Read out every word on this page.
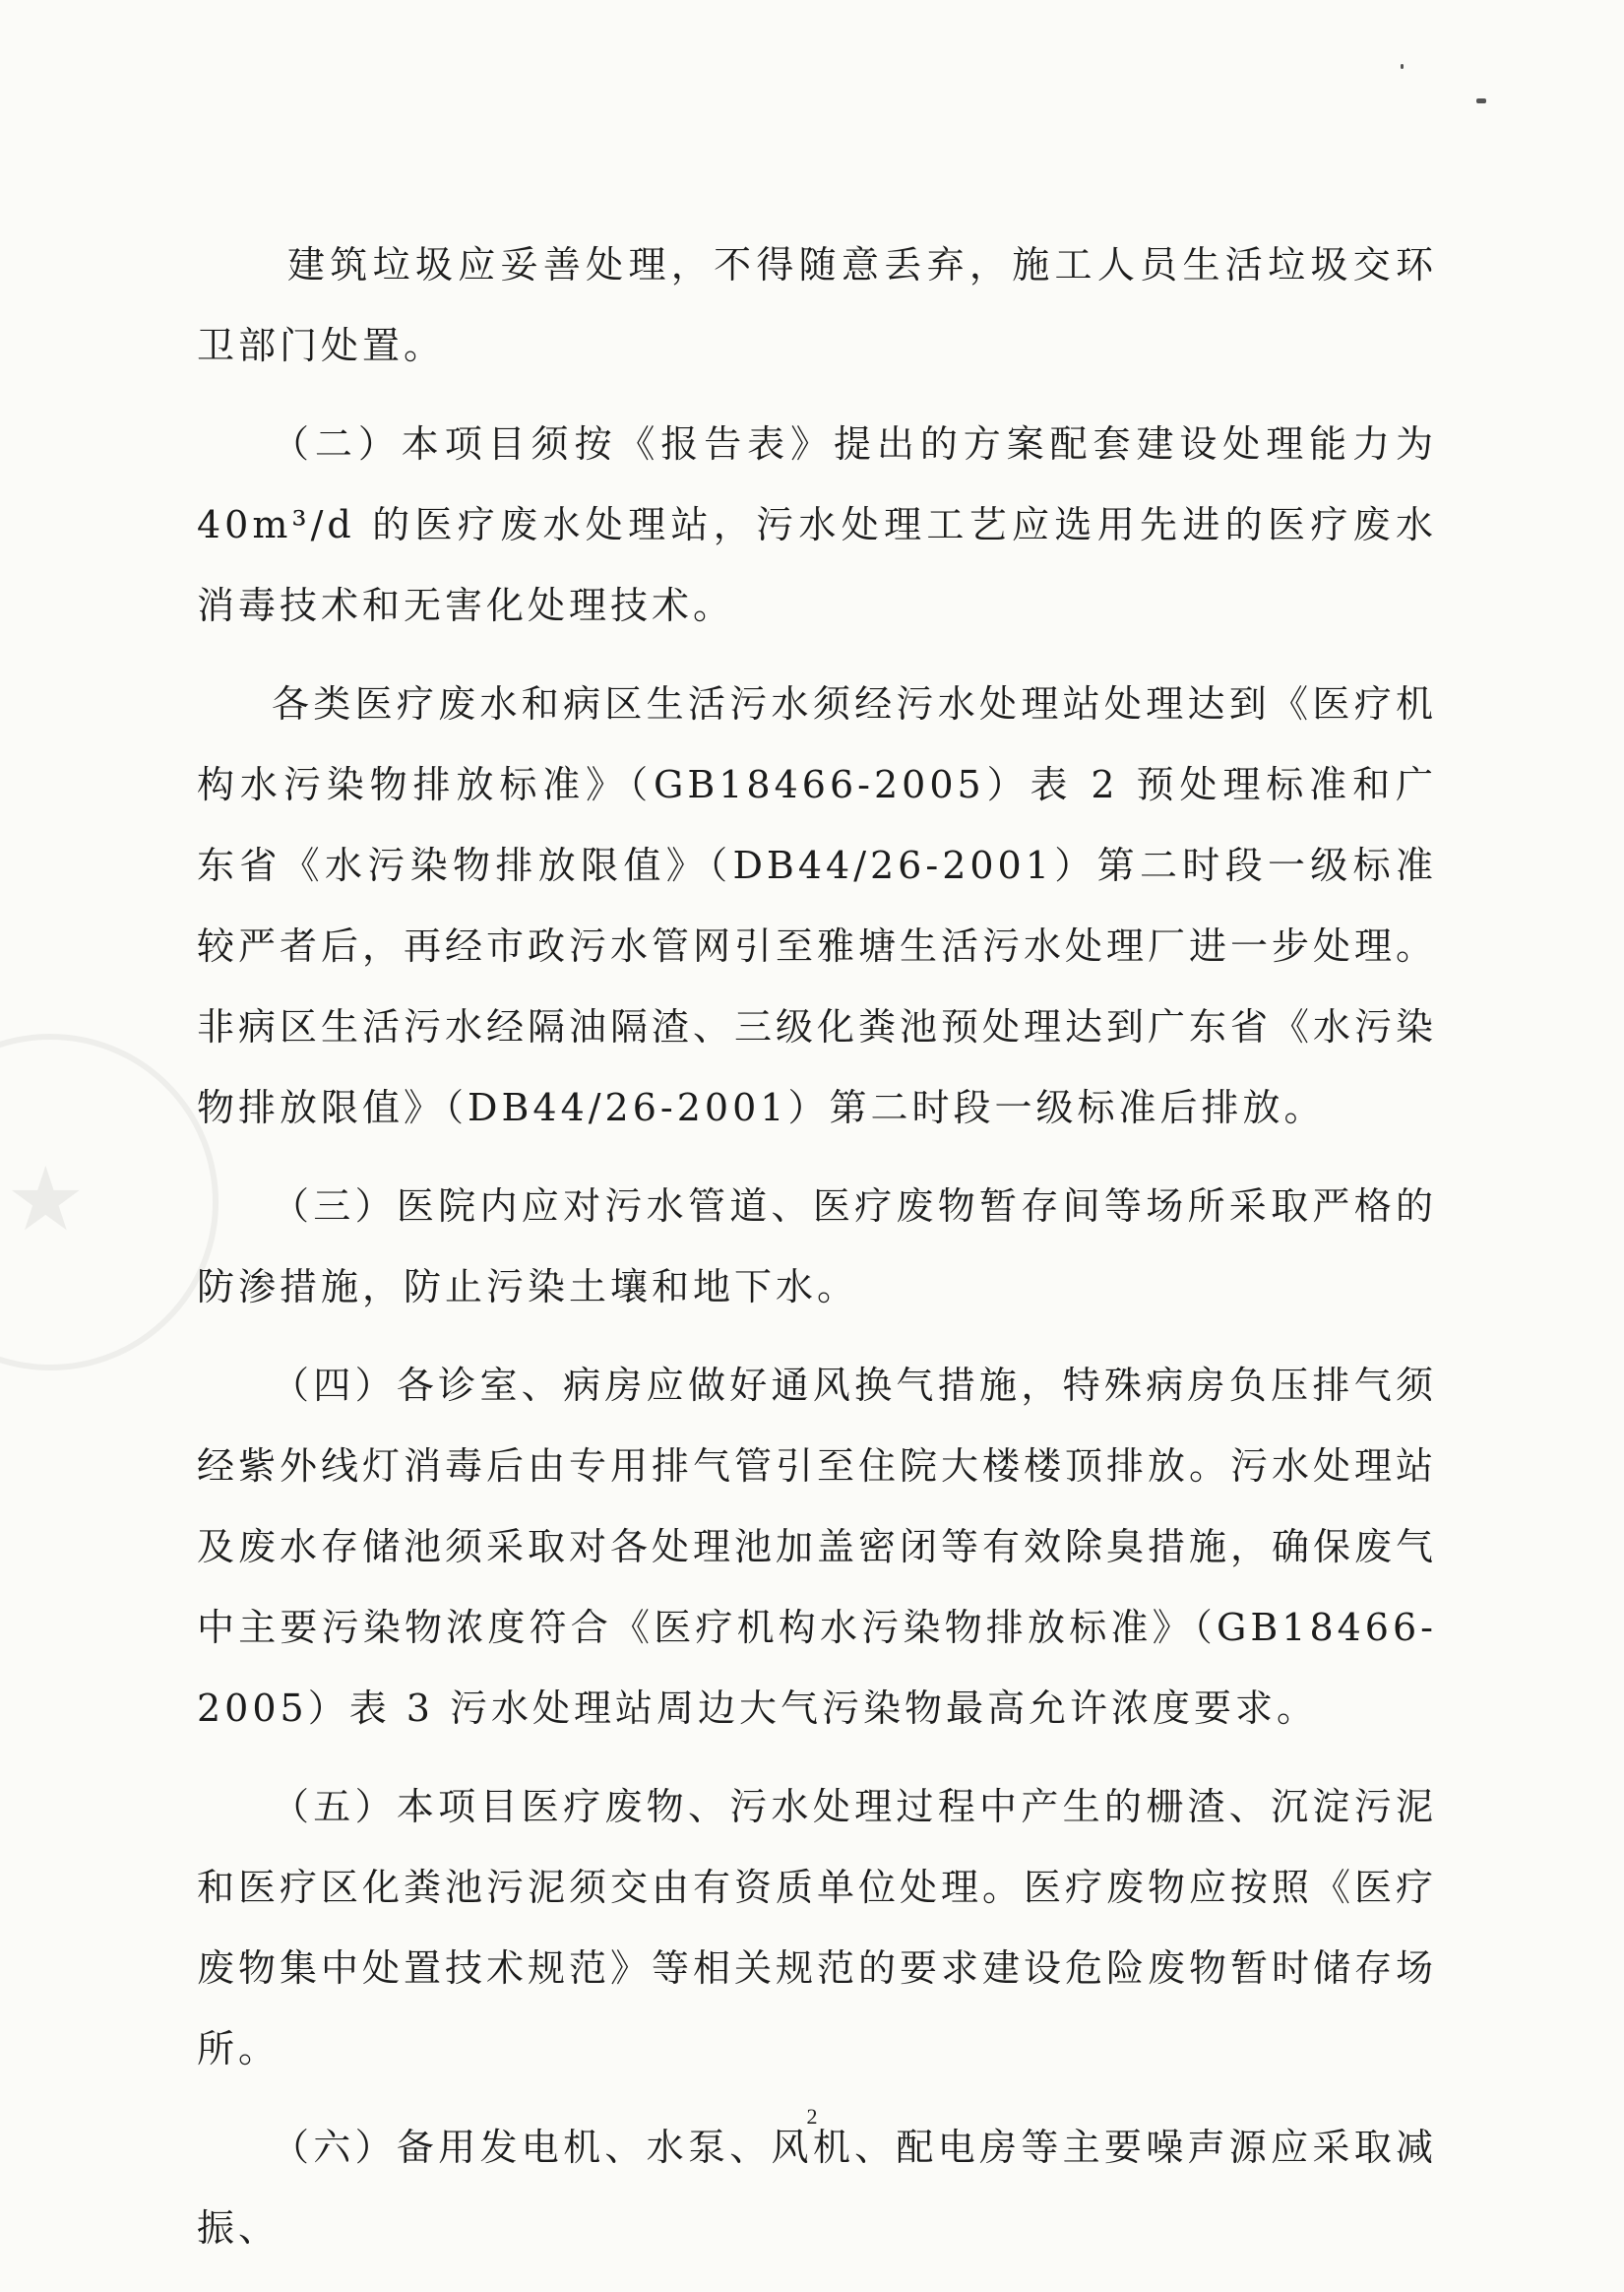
★

建筑垃圾应妥善处理，不得随意丢弃，施工人员生活垃圾交环卫部门处置。

（二）本项目须按《报告表》提出的方案配套建设处理能力为 40m³/d 的医疗废水处理站，污水处理工艺应选用先进的医疗废水消毒技术和无害化处理技术。

各类医疗废水和病区生活污水须经污水处理站处理达到《医疗机构水污染物排放标准》（GB18466-2005）表 2 预处理标准和广东省《水污染物排放限值》（DB44/26-2001）第二时段一级标准较严者后，再经市政污水管网引至雅塘生活污水处理厂进一步处理。非病区生活污水经隔油隔渣、三级化粪池预处理达到广东省《水污染物排放限值》（DB44/26-2001）第二时段一级标准后排放。

（三）医院内应对污水管道、医疗废物暂存间等场所采取严格的防渗措施，防止污染土壤和地下水。

（四）各诊室、病房应做好通风换气措施，特殊病房负压排气须经紫外线灯消毒后由专用排气管引至住院大楼楼顶排放。污水处理站及废水存储池须采取对各处理池加盖密闭等有效除臭措施，确保废气中主要污染物浓度符合《医疗机构水污染物排放标准》（GB18466-2005）表 3 污水处理站周边大气污染物最高允许浓度要求。

（五）本项目医疗废物、污水处理过程中产生的栅渣、沉淀污泥和医疗区化粪池污泥须交由有资质单位处理。医疗废物应按照《医疗废物集中处置技术规范》等相关规范的要求建设危险废物暂时储存场所。

（六）备用发电机、水泵、风机、配电房等主要噪声源应采取减振、

2
